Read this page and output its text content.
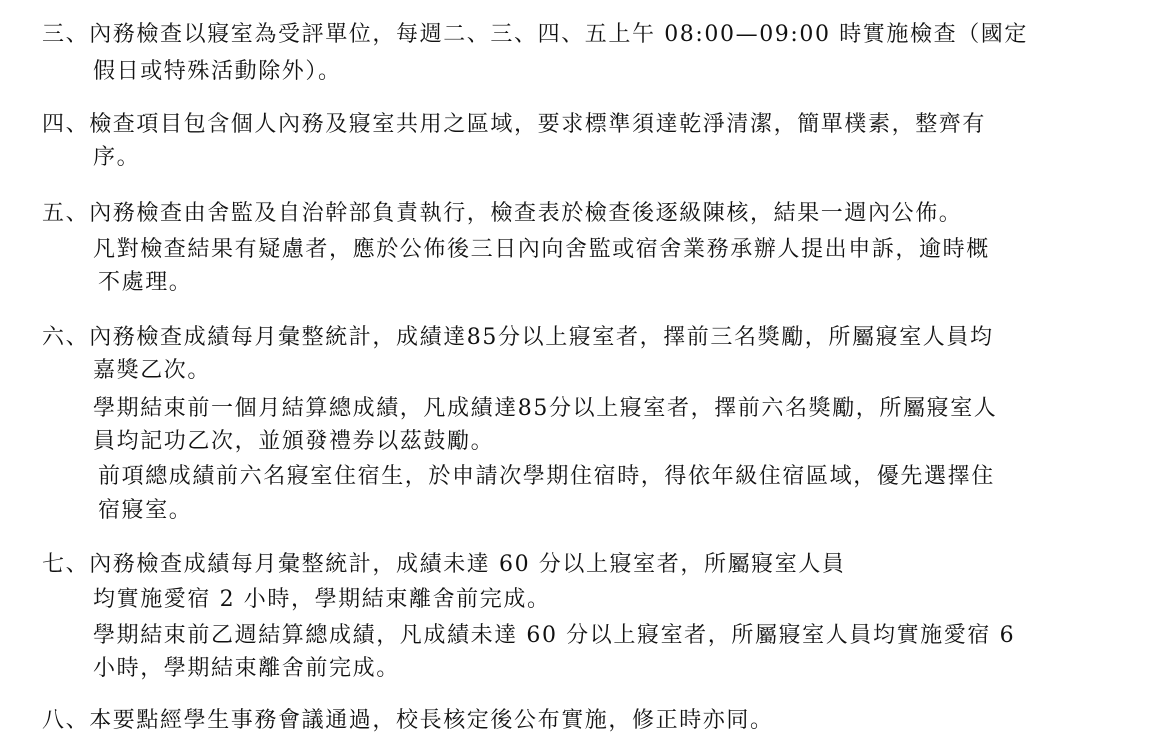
三、內務檢查以寢室為受評單位，每週二、三、四、五上午 08:00—09:00 時實施檢查（國定
假日或特殊活動除外）。
四、檢查項目包含個人內務及寢室共用之區域，要求標準須達乾淨清潔，簡單樸素，整齊有
序。
五、內務檢查由舍監及自治幹部負責執行，檢查表於檢查後逐級陳核，結果一週內公佈。
凡對檢查結果有疑慮者，應於公佈後三日內向舍監或宿舍業務承辦人提出申訴，逾時概
不處理。
六、內務檢查成績每月彙整統計，成績達85分以上寢室者，擇前三名獎勵，所屬寢室人員均
嘉獎乙次。
學期結束前一個月結算總成績，凡成績達85分以上寢室者，擇前六名獎勵，所屬寢室人
員均記功乙次，並頒發禮券以茲鼓勵。
前項總成績前六名寢室住宿生，於申請次學期住宿時，得依年級住宿區域，優先選擇住
宿寢室。
七、內務檢查成績每月彙整統計，成績未達 60 分以上寢室者，所屬寢室人員
均實施愛宿 2 小時，學期結束離舍前完成。
學期結束前乙週結算總成績，凡成績未達 60 分以上寢室者，所屬寢室人員均實施愛宿 6
小時，學期結束離舍前完成。
八、本要點經學生事務會議通過，校長核定後公布實施，修正時亦同。
